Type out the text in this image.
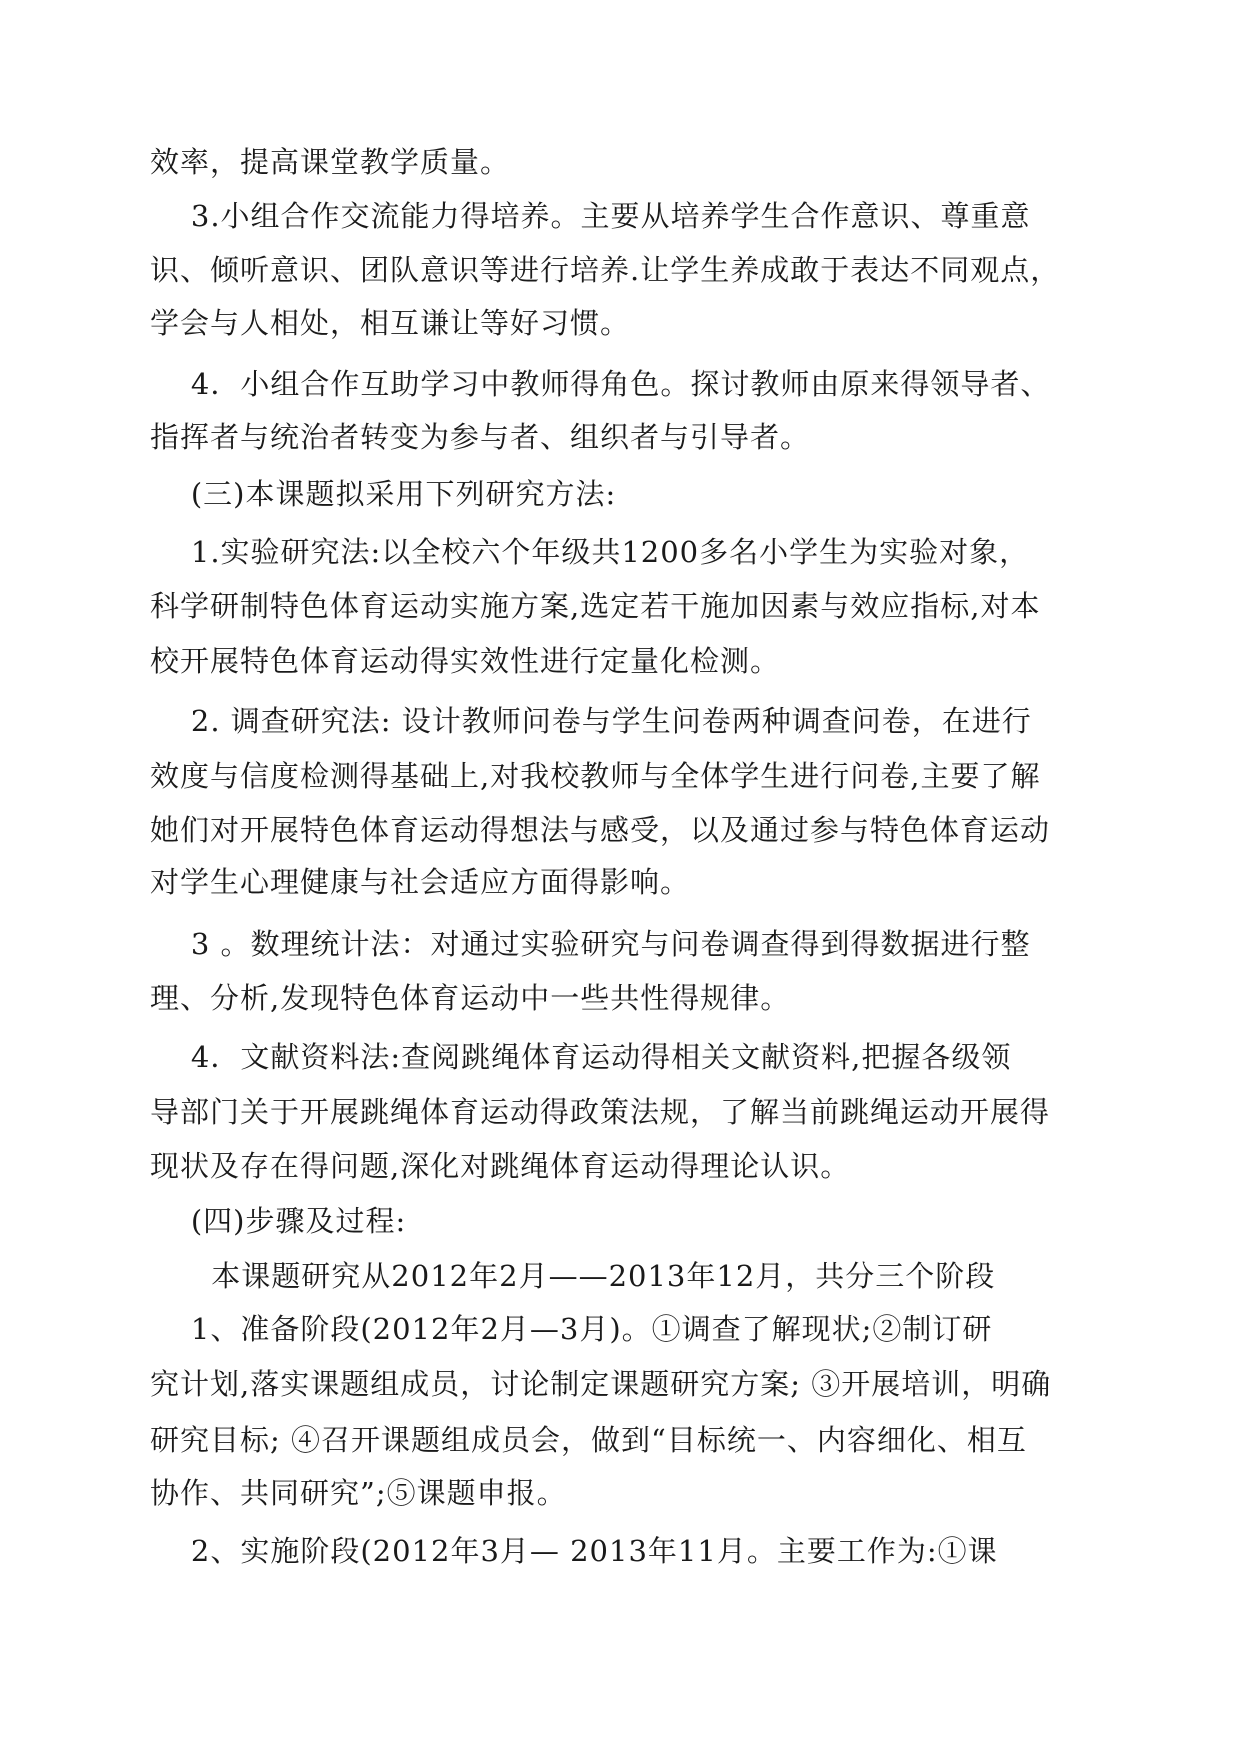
效率，提高课堂教学质量。
3.小组合作交流能力得培养。主要从培养学生合作意识、尊重意
识、倾听意识、团队意识等进行培养.让学生养成敢于表达不同观点，
学会与人相处，相互谦让等好习惯。
4．小组合作互助学习中教师得角色。探讨教师由原来得领导者、
指挥者与统治者转变为参与者、组织者与引导者。
(三)本课题拟采用下列研究方法:
1.实验研究法:以全校六个年级共1200多名小学生为实验对象，
科学研制特色体育运动实施方案,选定若干施加因素与效应指标,对本
校开展特色体育运动得实效性进行定量化检测。
2. 调查研究法: 设计教师问卷与学生问卷两种调查问卷，在进行
效度与信度检测得基础上,对我校教师与全体学生进行问卷,主要了解
她们对开展特色体育运动得想法与感受，以及通过参与特色体育运动
对学生心理健康与社会适应方面得影响。
3 。数理统计法：对通过实验研究与问卷调查得到得数据进行整
理、分析,发现特色体育运动中一些共性得规律。
4．文献资料法:查阅跳绳体育运动得相关文献资料,把握各级领
导部门关于开展跳绳体育运动得政策法规，了解当前跳绳运动开展得
现状及存在得问题,深化对跳绳体育运动得理论认识。
(四)步骤及过程:
本课题研究从2012年2月——2013年12月，共分三个阶段
1、准备阶段(2012年2月—3月)。①调查了解现状;②制订研
究计划,落实课题组成员，讨论制定课题研究方案; ③开展培训，明确
研究目标; ④召开课题组成员会，做到“目标统一、内容细化、相互
协作、共同研究”;⑤课题申报。
2、实施阶段(2012年3月— 2013年11月。主要工作为:①课
